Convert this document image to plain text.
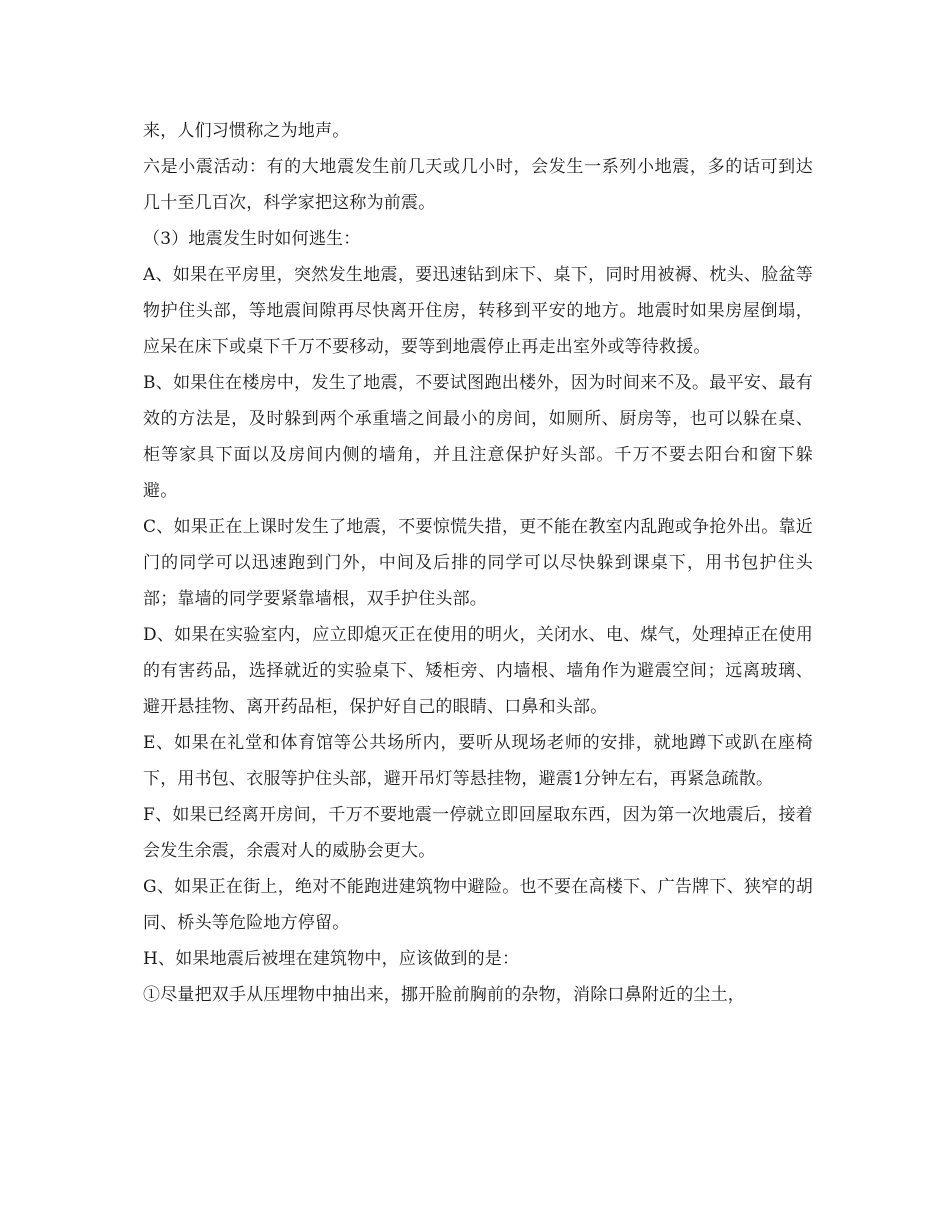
来，人们习惯称之为地声。

六是小震活动：有的大地震发生前几天或几小时，会发生一系列小地震，多的话可到达几十至几百次，科学家把这称为前震。

（3）地震发生时如何逃生：

A、如果在平房里，突然发生地震，要迅速钻到床下、桌下，同时用被褥、枕头、脸盆等物护住头部，等地震间隙再尽快离开住房，转移到平安的地方。地震时如果房屋倒塌，应呆在床下或桌下千万不要移动，要等到地震停止再走出室外或等待救援。

B、如果住在楼房中，发生了地震，不要试图跑出楼外，因为时间来不及。最平安、最有效的方法是，及时躲到两个承重墙之间最小的房间，如厕所、厨房等，也可以躲在桌、柜等家具下面以及房间内侧的墙角，并且注意保护好头部。千万不要去阳台和窗下躲避。

C、如果正在上课时发生了地震，不要惊慌失措，更不能在教室内乱跑或争抢外出。靠近门的同学可以迅速跑到门外，中间及后排的同学可以尽快躲到课桌下，用书包护住头部；靠墙的同学要紧靠墙根，双手护住头部。

D、如果在实验室内，应立即熄灭正在使用的明火，关闭水、电、煤气，处理掉正在使用的有害药品，选择就近的实验桌下、矮柜旁、内墙根、墙角作为避震空间；远离玻璃、避开悬挂物、离开药品柜，保护好自己的眼睛、口鼻和头部。

E、如果在礼堂和体育馆等公共场所内，要听从现场老师的安排，就地蹲下或趴在座椅下，用书包、衣服等护住头部，避开吊灯等悬挂物，避震1分钟左右，再紧急疏散。

F、如果已经离开房间，千万不要地震一停就立即回屋取东西，因为第一次地震后，接着会发生余震，余震对人的威胁会更大。

G、如果正在街上，绝对不能跑进建筑物中避险。也不要在高楼下、广告牌下、狭窄的胡同、桥头等危险地方停留。

H、如果地震后被埋在建筑物中，应该做到的是：

①尽量把双手从压埋物中抽出来，挪开脸前胸前的杂物，消除口鼻附近的尘土，
